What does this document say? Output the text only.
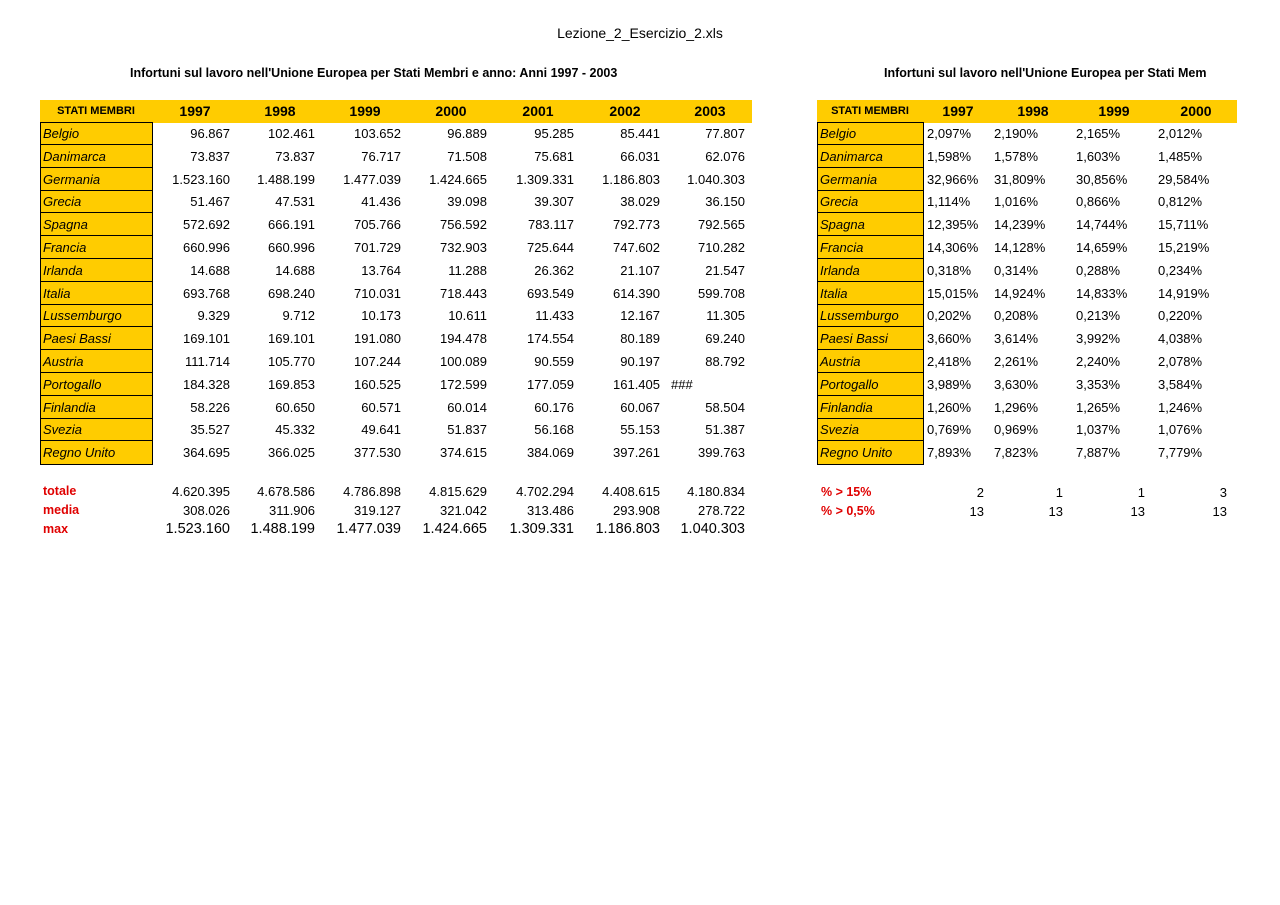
Lezione_2_Esercizio_2.xls
Infortuni sul lavoro nell'Unione Europea per Stati Membri e anno: Anni 1997 - 2003	Infortuni sul lavoro nell'Unione Europea per Stati Mem
STATI MEMBRI	1997	1998	1999	2000	2001	2002	2003
Belgio	96.867	102.461	103.652	96.889	95.285	85.441	77.807
Danimarca	73.837	73.837	76.717	71.508	75.681	66.031	62.076
Germania	1.523.160	1.488.199	1.477.039	1.424.665	1.309.331	1.186.803	1.040.303
Grecia	51.467	47.531	41.436	39.098	39.307	38.029	36.150
Spagna	572.692	666.191	705.766	756.592	783.117	792.773	792.565
Francia	660.996	660.996	701.729	732.903	725.644	747.602	710.282
Irlanda	14.688	14.688	13.764	11.288	26.362	21.107	21.547
Italia	693.768	698.240	710.031	718.443	693.549	614.390	599.708
Lussemburgo	9.329	9.712	10.173	10.611	11.433	12.167	11.305
Paesi Bassi	169.101	169.101	191.080	194.478	174.554	80.189	69.240
Austria	111.714	105.770	107.244	100.089	90.559	90.197	88.792
Portogallo	184.328	169.853	160.525	172.599	177.059	161.405 ###
Finlandia	58.226	60.650	60.571	60.014	60.176	60.067	58.504
Svezia	35.527	45.332	49.641	51.837	56.168	55.153	51.387
Regno Unito	364.695	366.025	377.530	374.615	384.069	397.261	399.763
totale	4.620.395	4.678.586	4.786.898	4.815.629	4.702.294	4.408.615	4.180.834
media	308.026	311.906	319.127	321.042	313.486	293.908	278.722
max	1.523.160	1.488.199	1.477.039	1.424.665	1.309.331	1.186.803	1.040.303
STATI MEMBRI	1997	1998	1999	2000
Belgio	2,097%	2,190%	2,165%	2,012%
Danimarca	1,598%	1,578%	1,603%	1,485%
Germania	32,966%	31,809%	30,856%	29,584%
Grecia	1,114%	1,016%	0,866%	0,812%
Spagna	12,395%	14,239%	14,744%	15,711%
Francia	14,306%	14,128%	14,659%	15,219%
Irlanda	0,318%	0,314%	0,288%	0,234%
Italia	15,015%	14,924%	14,833%	14,919%
Lussemburgo	0,202%	0,208%	0,213%	0,220%
Paesi Bassi	3,660%	3,614%	3,992%	4,038%
Austria	2,418%	2,261%	2,240%	2,078%
Portogallo	3,989%	3,630%	3,353%	3,584%
Finlandia	1,260%	1,296%	1,265%	1,246%
Svezia	0,769%	0,969%	1,037%	1,076%
Regno Unito	7,893%	7,823%	7,887%	7,779%
% > 15%	2	1	1	3
% > 0,5%	13	13	13	13
